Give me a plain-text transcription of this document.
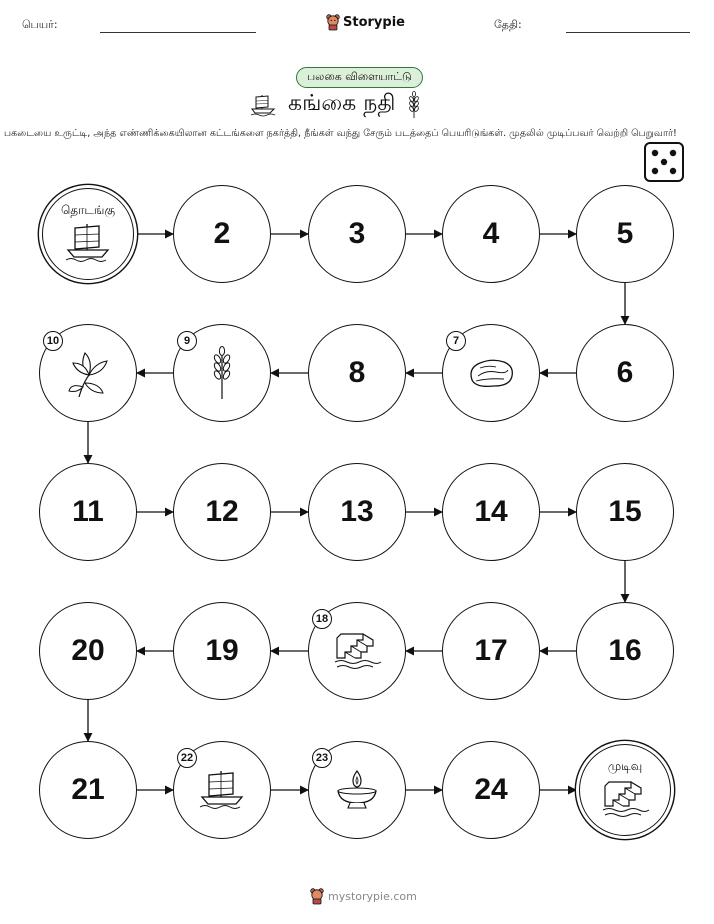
பெயர்:	Storypie	தேதி:
பலகை விளையாட்டு
கங்கை நதி
பகடையை உருட்டி, அந்த எண்ணிக்கையிலான கட்டங்களை நகர்த்தி, நீங்கள் வந்து சேரும் படத்தைப் பெயரிடுங்கள். முதலில் முடிப்பவர் வெற்றி பெறுவார்!
தொடங்கு
2	3	4	5
6
7
8
9
10
11	12	13	14	15
16
17
18
19
20
21
22	23
24
முடிவு
mystorypie.com
